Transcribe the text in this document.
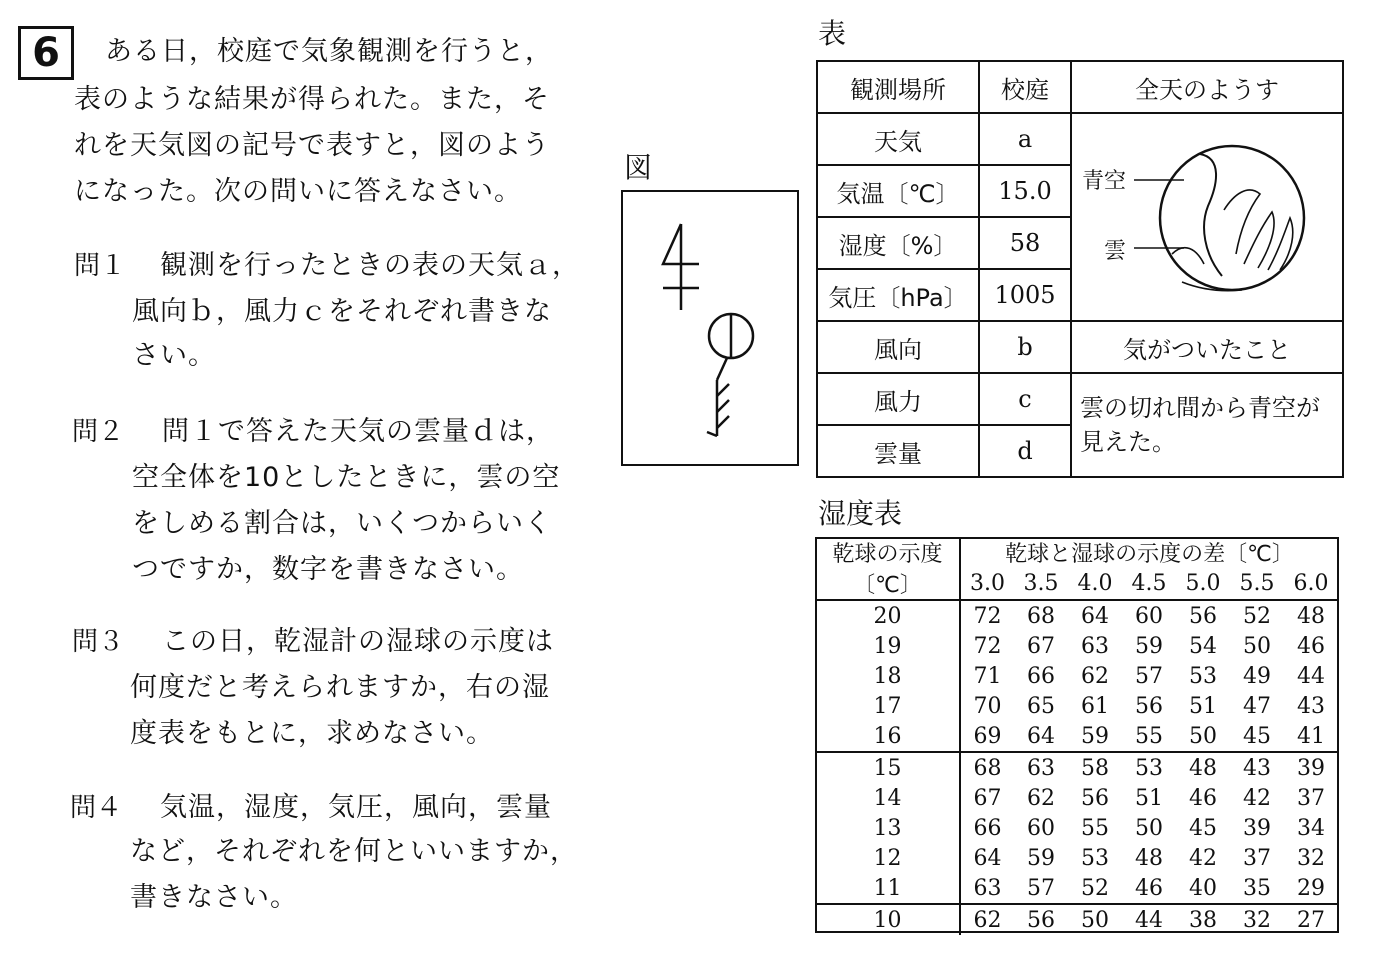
6	ある日，校庭で気象観測を行うと，
表のような結果が得られた。また，そ
れを天気図の記号で表すと，図のよう
になった。次の問いに答えなさい。
問１ 観測を行ったときの表の天気ａ，
風向ｂ，風力ｃをそれぞれ書きな
さい。
問２ 問１で答えた天気の雲量ｄは，
空全体を10としたときに，雲の空
をしめる割合は，いくつからいく
つですか，数字を書きなさい。
問３ この日，乾湿計の湿球の示度は
何度だと考えられますか，右の湿
度表をもとに，求めなさい。
問４ 気温，湿度，気圧，風向，雲量
など，それぞれを何といいますか，
書きなさい。
図
表
観測場所	校庭	全天のようす
天気	a	青空
雲

気温〔℃〕	15.0	
湿度〔%〕	58	
気圧〔hPa〕	1005	
風向	b	気がついたこと
風力	c	雲の切れ間から青空が見えた。
雲量	d	
湿度表
乾球の示度	乾球と湿球の示度の差〔℃〕						
〔℃〕	3.0	3.5	4.0	4.5	5.0	5.5	6.0
20	72	68	64	60	56	52	48
19	72	67	63	59	54	50	46
18	71	66	62	57	53	49	44
17	70	65	61	56	51	47	43
16	69	64	59	55	50	45	41
15	68	63	58	53	48	43	39
14	67	62	56	51	46	42	37
13	66	60	55	50	45	39	34
12	64	59	53	48	42	37	32
11	63	57	52	46	40	35	29
10	62	56	50	44	38	32	27
